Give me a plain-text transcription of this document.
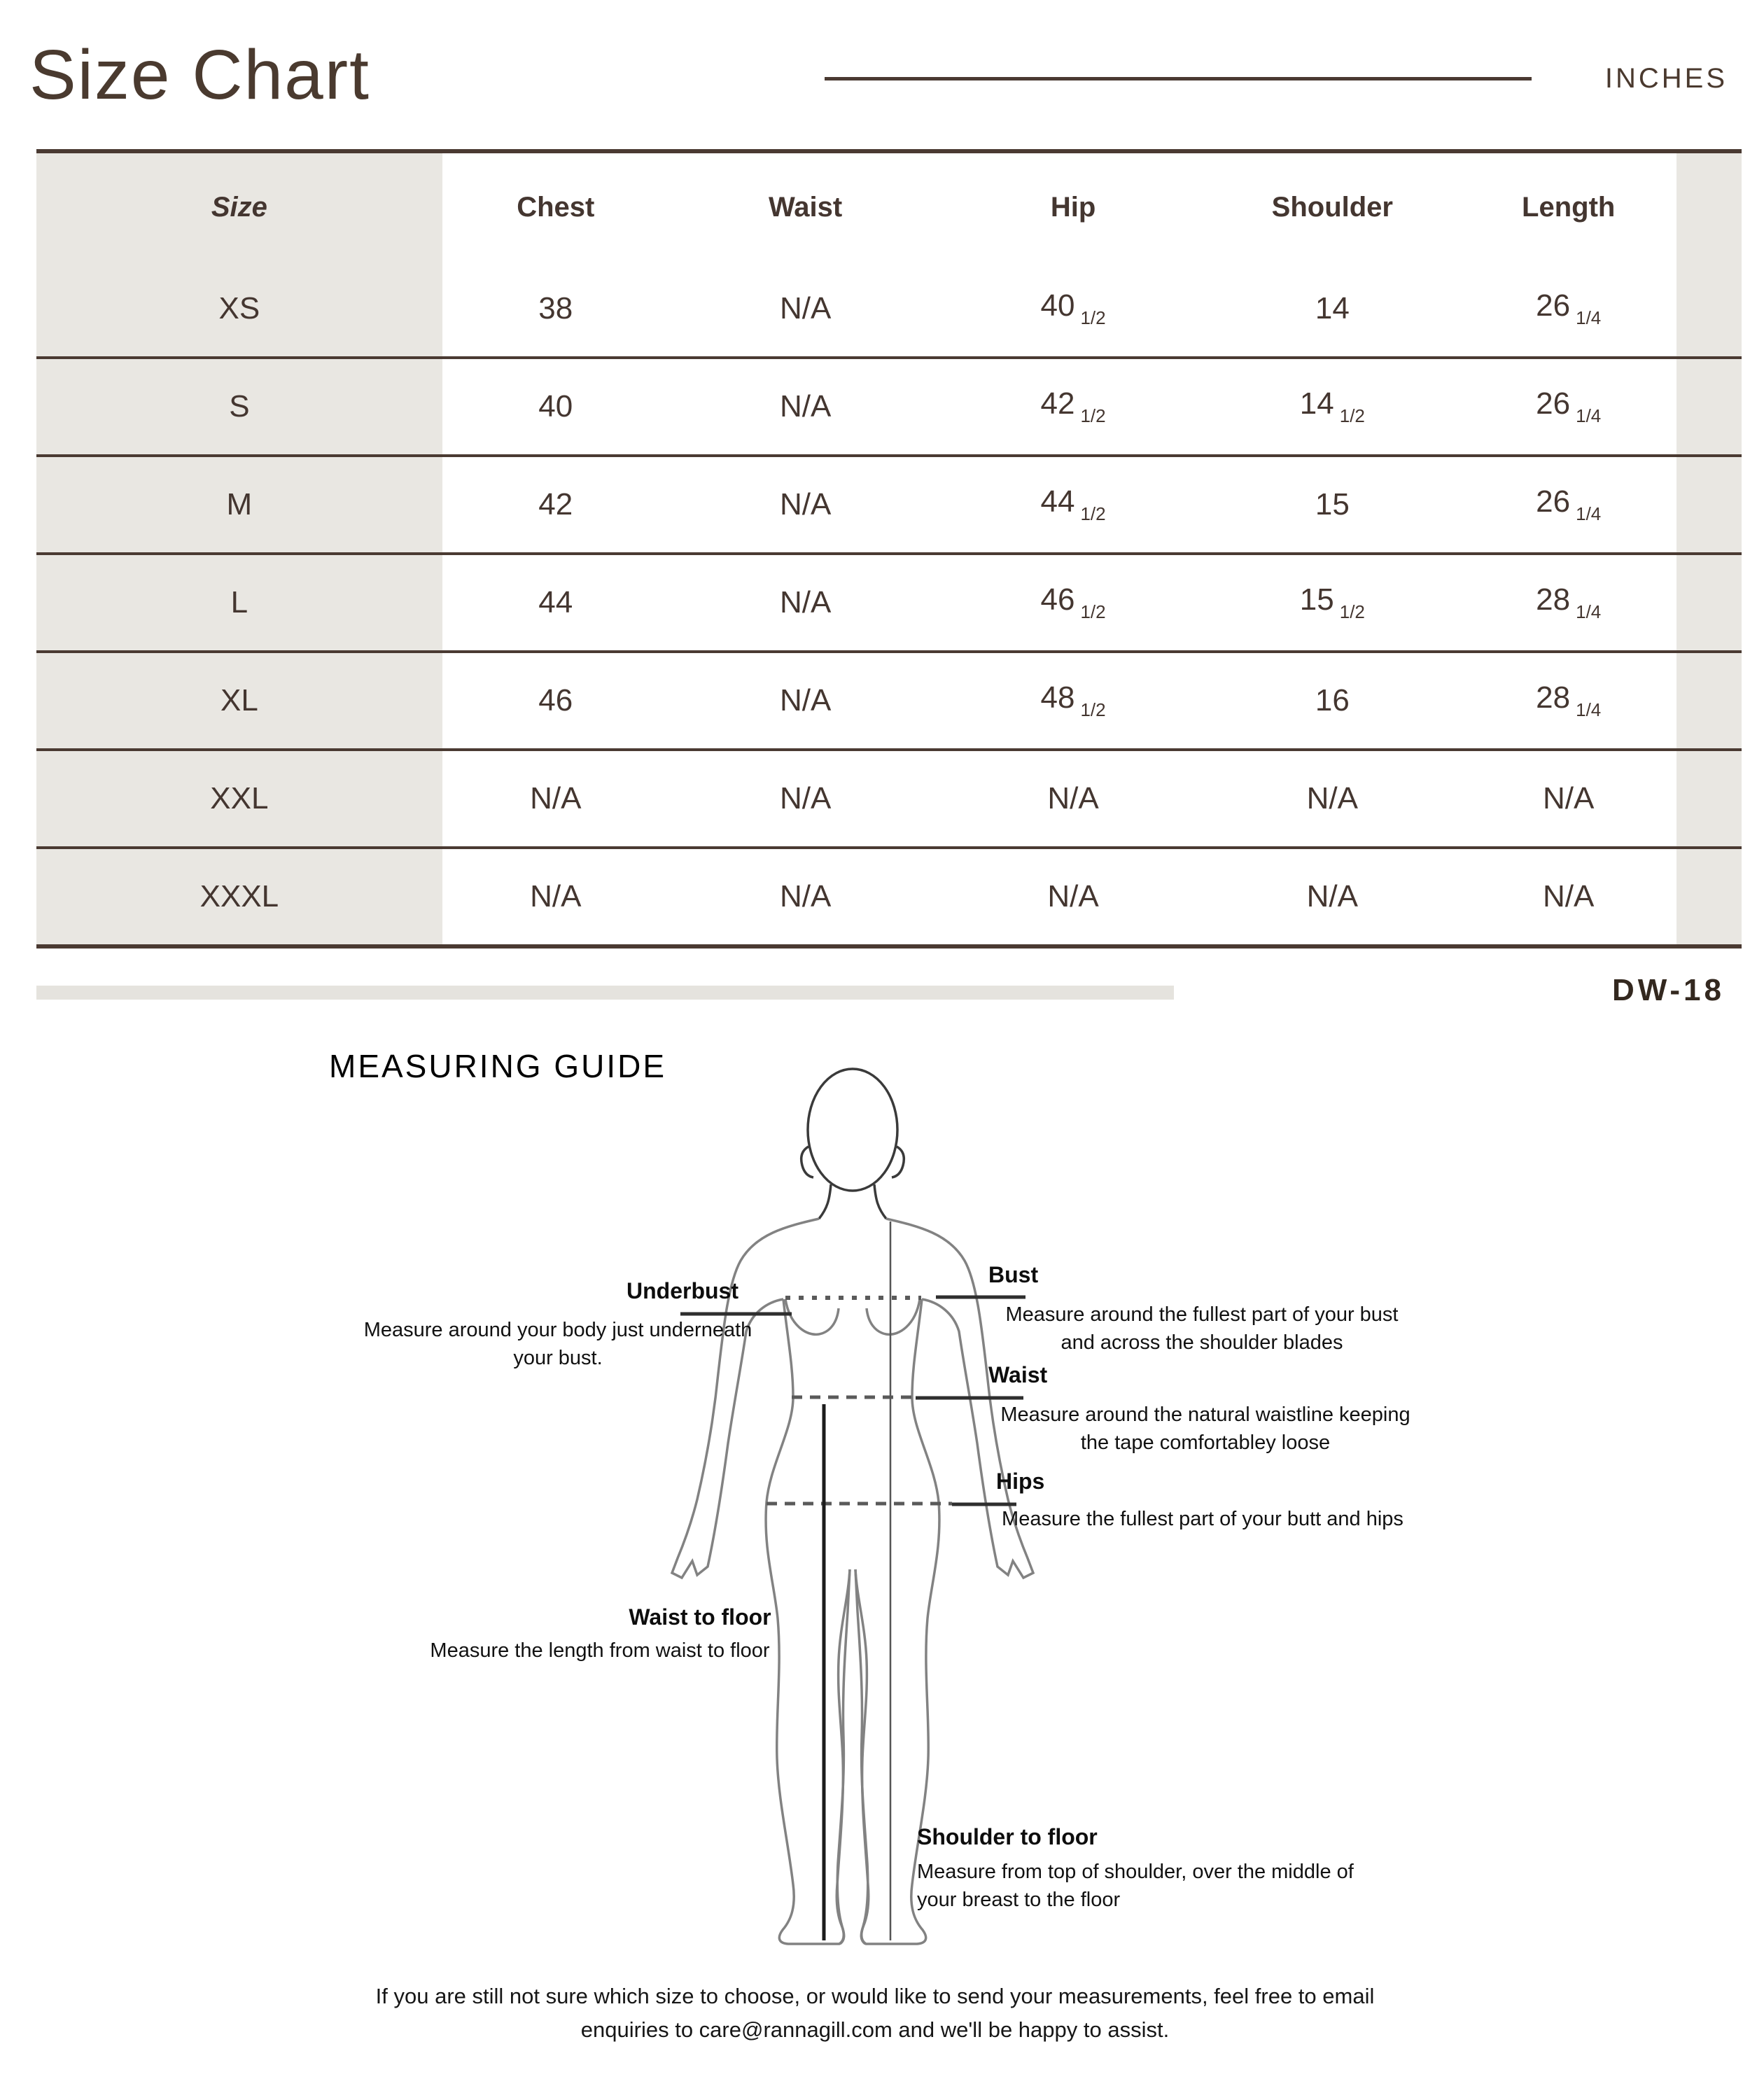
Size Chart	INCHES
Size	Chest	Waist	Hip	Shoulder	Length	
XS	38	N/A	40 $_{1/2}$	14	26 $_{1/4}$	
S	40	N/A	42 $_{1/2}$	14 $_{1/2}$	26 $_{1/4}$	
M	42	N/A	44 $_{1/2}$	15	26 $_{1/4}$	
L	44	N/A	46 $_{1/2}$	15 $_{1/2}$	28 $_{1/4}$	
XL	46	N/A	48 $_{1/2}$	16	28 $_{1/4}$	
XXL	N/A	N/A	N/A	N/A	N/A	
XXXL	N/A	N/A	N/A	N/A	N/A	
DW-18
MEASURING GUIDE
Underbust
Measure around your body just underneath
your bust.
Bust
Measure around the fullest part of your bust
and across the shoulder blades
Waist
Measure around the natural waistline keeping
the tape comfortabley loose
Hips
Measure the fullest part of your butt and hips
Waist to floor
Measure the length from waist to floor
Shoulder to floor
Measure from top of shoulder, over the middle of
your breast to the floor
If you are still not sure which size to choose, or would like to send your measurements, feel free to email
enquiries to care@rannagill.com and we'll be happy to assist.
